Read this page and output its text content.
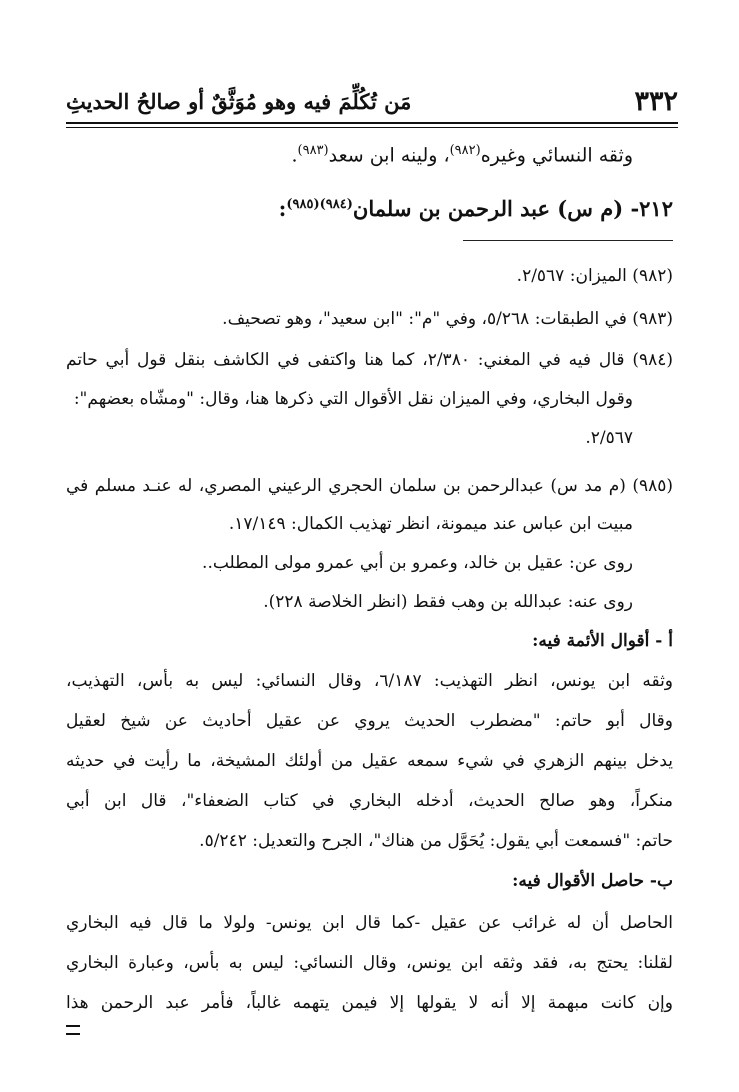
٣٣٢
مَن تُكُلِّمَ فيه وهو مُوَثَّقٌ أو صالحُ الحديثِ
وثقه النسائي وغيره$^{(٩٨٢)}$، ولينه ابن سعد$^{(٩٨٣)}$.
٢١٢- (م س) عبد الرحمن بن سلمان$^{(٩٨٤)(٩٨٥)}$:
(٩٨٢) الميزان: ٢/٥٦٧.
(٩٨٣) في الطبقات: ٥/٢٦٨، وفي "م": "ابن سعيد"، وهو تصحيف.
(٩٨٤) قال فيه في المغني: ٢/٣٨٠، كما هنا واكتفى في الكاشف بنقل قول أبي حاتم
وقول البخاري، وفي الميزان نقل الأقوال التي ذكرها هنا، وقال: "ومشّاه بعضهم":
٢/٥٦٧.
(٩٨٥) (م مد س) عبدالرحمن بن سلمان الحجري الرعيني المصري، له عنـد مسلم في
مبيت ابن عباس عند ميمونة، انظر تهذيب الكمال: ١٧/١٤٩.
روى عن: عقيل بن خالد، وعمرو بن أبي عمرو مولى المطلب..
روى عنه: عبدالله بن وهب فقط (انظر الخلاصة ٢٢٨).
أ - أقوال الأئمة فيه:
وثقه ابن يونس، انظر التهذيب: ٦/١٨٧، وقال النسائي: ليس به بأس، التهذيب،
وقال أبو حاتم: "مضطرب الحديث يروي عن عقيل أحاديث عن شيخ لعقيل
يدخل بينهم الزهري في شيء سمعه عقيل من أولئك المشيخة، ما رأيت في حديثه
منكراً، وهو صالح الحديث، أدخله البخاري في كتاب الضعفاء"، قال ابن أبي
حاتم: "فسمعت أبي يقول: يُحَوَّل من هناك"، الجرح والتعديل: ٥/٢٤٢.
ب- حاصل الأقوال فيه:
الحاصل أن له غرائب عن عقيل -كما قال ابن يونس- ولولا ما قال فيه البخاري
لقلنا: يحتج به، فقد وثقه ابن يونس، وقال النسائي: ليس به بأس، وعبارة البخاري
وإن كانت مبهمة إلا أنه لا يقولها إلا فيمن يتهمه غالباً، فأمر عبد الرحمن هذا
